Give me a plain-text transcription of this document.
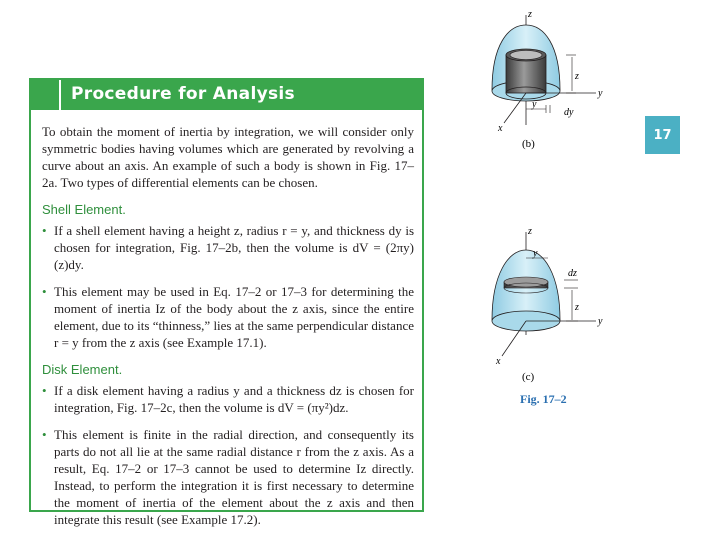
Procedure for Analysis

To obtain the moment of inertia by integration, we will consider only symmetric bodies having volumes which are generated by revolving a curve about an axis. An example of such a body is shown in Fig. 17–2a. Two types of differential elements can be chosen.

Shell Element.
• If a shell element having a height z, radius r = y, and thickness dy is chosen for integration, Fig. 17–2b, then the volume is dV = (2πy)(z)dy.
• This element may be used in Eq. 17–2 or 17–3 for determining the moment of inertia Iz of the body about the z axis, since the entire element, due to its “thinness,” lies at the same perpendicular distance r = y from the z axis (see Example 17.1).
Disk Element.
• If a disk element having a radius y and a thickness dz is chosen for integration, Fig. 17–2c, then the volume is dV = (πy²)dz.
• This element is finite in the radial direction, and consequently its parts do not all lie at the same radial distance r from the z axis. As a result, Eq. 17–2 or 17–3 cannot be used to determine Iz directly. Instead, to perform the integration it is first necessary to determine the moment of inertia of the element about the z axis and then integrate this result (see Example 17.2).
17
z
y
x
z
y
dy
(b)
z
y
dz
z
y
x
(c)
Fig. 17–2
